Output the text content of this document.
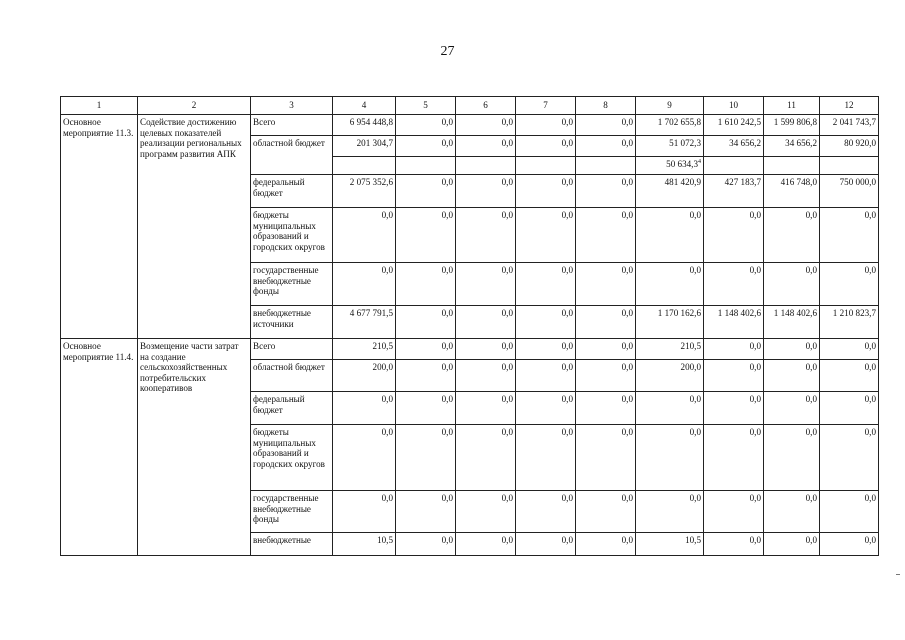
27
1	2	3	4	5	6	7	8	9	10	11	12
Основное мероприятие 11.3.	Содействие достижению целевых показателей реализации региональных программ развития АПК	Всего	6 954 448,8	0,0	0,0	0,0	0,0	1 702 655,8	1 610 242,5	1 599 806,8	2 041 743,7
		областной бюджет	201 304,7	0,0	0,0	0,0	0,0	51 072,3	34 656,2	34 656,2	80 920,0
								50 634,3$^4$			
		федеральный бюджет	2 075 352,6	0,0	0,0	0,0	0,0	481 420,9	427 183,7	416 748,0	750 000,0
		бюджеты муниципальных образований и городских округов	0,0	0,0	0,0	0,0	0,0	0,0	0,0	0,0	0,0
		государственные внебюджетные фонды	0,0	0,0	0,0	0,0	0,0	0,0	0,0	0,0	0,0
		внебюджетные источники	4 677 791,5	0,0	0,0	0,0	0,0	1 170 162,6	1 148 402,6	1 148 402,6	1 210 823,7
Основное мероприятие 11.4.	Возмещение части затрат на создание сельскохозяйственных потребительских кооперативов	Всего	210,5	0,0	0,0	0,0	0,0	210,5	0,0	0,0	0,0
		областной бюджет	200,0	0,0	0,0	0,0	0,0	200,0	0,0	0,0	0,0
		федеральный бюджет	0,0	0,0	0,0	0,0	0,0	0,0	0,0	0,0	0,0
		бюджеты муниципальных образований и городских округов	0,0	0,0	0,0	0,0	0,0	0,0	0,0	0,0	0,0
		государственные внебюджетные фонды	0,0	0,0	0,0	0,0	0,0	0,0	0,0	0,0	0,0
		внебюджетные	10,5	0,0	0,0	0,0	0,0	10,5	0,0	0,0	0,0
